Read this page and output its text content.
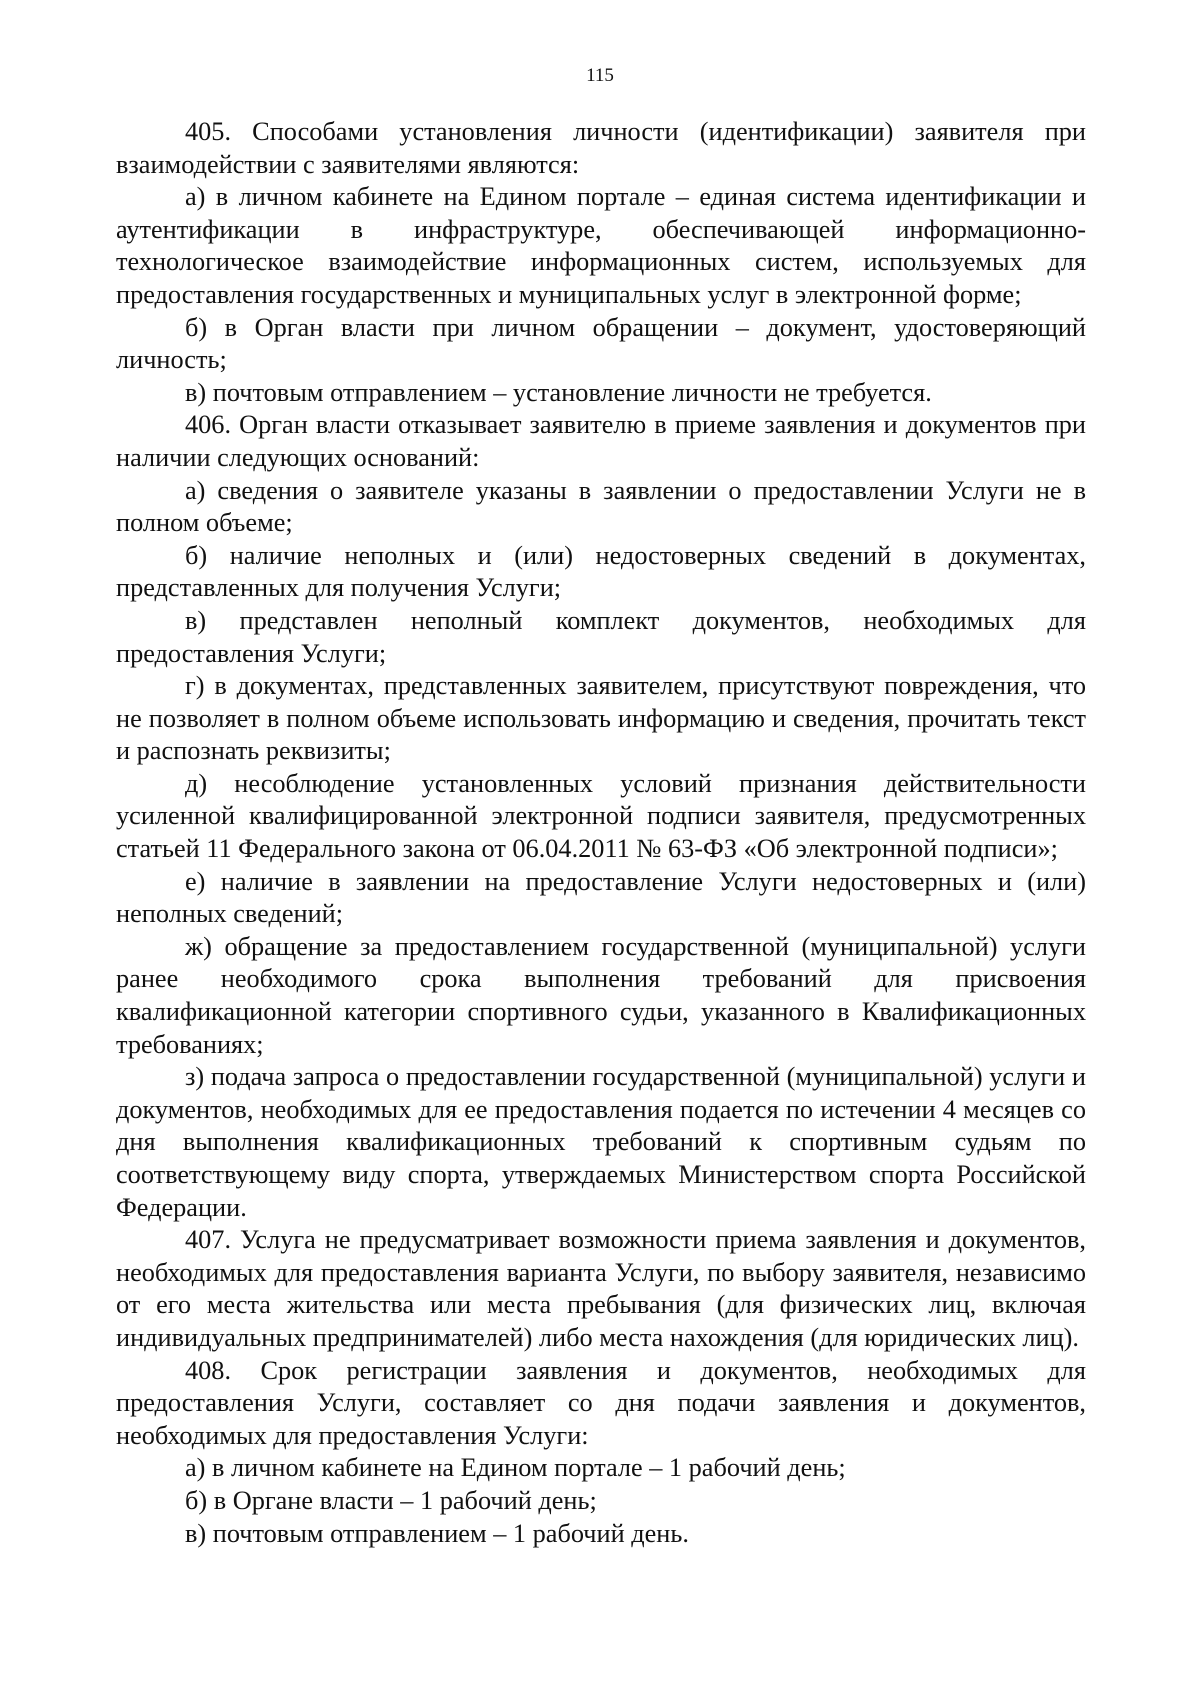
115

405. Способами установления личности (идентификации) заявителя при взаимодействии с заявителями являются:

а) в личном кабинете на Едином портале – единая система идентификации и аутентификации в инфраструктуре, обеспечивающей информационно-технологическое взаимодействие информационных систем, используемых для предоставления государственных и муниципальных услуг в электронной форме;

б) в Орган власти при личном обращении – документ, удостоверяющий личность;

в) почтовым отправлением – установление личности не требуется.

406. Орган власти отказывает заявителю в приеме заявления и документов при наличии следующих оснований:

а) сведения о заявителе указаны в заявлении о предоставлении Услуги не в полном объеме;

б) наличие неполных и (или) недостоверных сведений в документах, представленных для получения Услуги;

в) представлен неполный комплект документов, необходимых для предоставления Услуги;

г) в документах, представленных заявителем, присутствуют повреждения, что не позволяет в полном объеме использовать информацию и сведения, прочитать текст и распознать реквизиты;

д) несоблюдение установленных условий признания действительности усиленной квалифицированной электронной подписи заявителя, предусмотренных статьей 11 Федерального закона от 06.04.2011 № 63-ФЗ «Об электронной подписи»;

е) наличие в заявлении на предоставление Услуги недостоверных и (или) неполных сведений;

ж) обращение за предоставлением государственной (муниципальной) услуги ранее необходимого срока выполнения требований для присвоения квалификационной категории спортивного судьи, указанного в Квалификационных требованиях;

з) подача запроса о предоставлении государственной (муниципальной) услуги и документов, необходимых для ее предоставления подается по истечении 4 месяцев со дня выполнения квалификационных требований к спортивным судьям по соответствующему виду спорта, утверждаемых Министерством спорта Российской Федерации.

407. Услуга не предусматривает возможности приема заявления и документов, необходимых для предоставления варианта Услуги, по выбору заявителя, независимо от его места жительства или места пребывания (для физических лиц, включая индивидуальных предпринимателей) либо места нахождения (для юридических лиц).

408. Срок регистрации заявления и документов, необходимых для предоставления Услуги, составляет со дня подачи заявления и документов, необходимых для предоставления Услуги:

а) в личном кабинете на Едином портале – 1 рабочий день;

б) в Органе власти – 1 рабочий день;

в) почтовым отправлением – 1 рабочий день.
